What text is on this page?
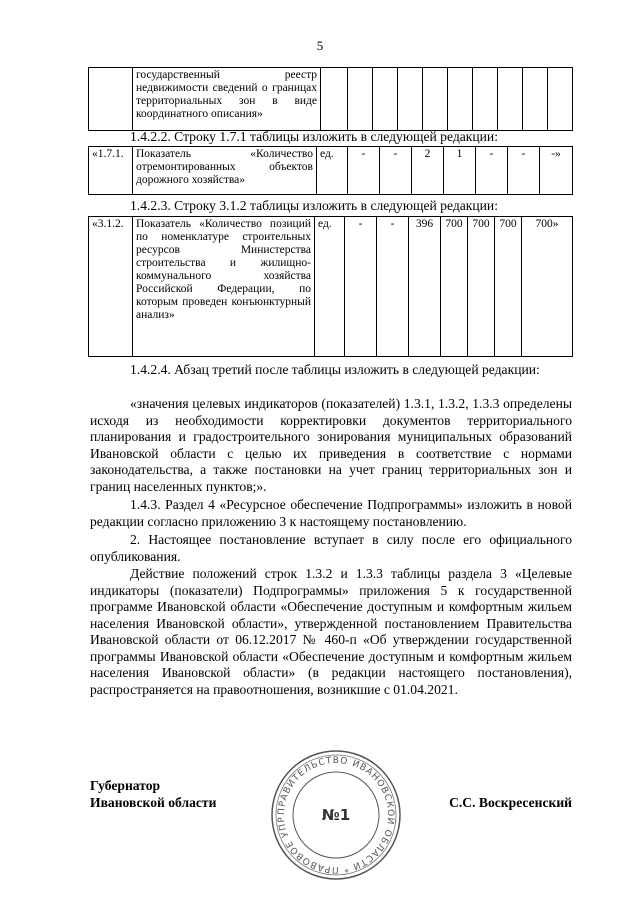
5
	государственный реестр недвижимости сведений о границах территориальных зон в виде координатного описания»										
1.4.2.2. Строку 1.7.1 таблицы изложить в следующей редакции:
«1.7.1.	Показатель «Количество отремонтированных объектов дорожного хозяйства»	ед.	-	-	2	1	-	-	-»
1.4.2.3. Строку 3.1.2 таблицы изложить в следующей редакции:
«3.1.2.	Показатель «Количество позиций по номенклатуре строительных ресурсов Министерства строительства и жилищно-коммунального хозяйства Российской Федерации, по которым проведен конъюнктурный анализ»	ед.	-	-	396	700	700	700	700»

1.4.2.4. Абзац третий после таблицы изложить в следующей редакции:

«значения целевых индикаторов (показателей) 1.3.1, 1.3.2, 1.3.3 определены исходя из необходимости корректировки документов территориального планирования и градостроительного зонирования муниципальных образований Ивановской области с целью их приведения в соответствие с нормами законодательства, а также постановки на учет границ территориальных зон и границ населенных пунктов;».

1.4.3. Раздел 4 «Ресурсное обеспечение Подпрограммы» изложить в новой редакции согласно приложению 3 к настоящему постановлению.

2. Настоящее постановление вступает в силу после его официального опубликования.

Действие положений строк 1.3.2 и 1.3.3 таблицы раздела 3 «Целевые индикаторы (показатели) Подпрограммы» приложения 5 к государственной программе Ивановской области «Обеспечение доступным и комфортным жильем населения Ивановской области», утвержденной постановлением Правительства Ивановской области от 06.12.2017 № 460-п «Об утверждении государственной программы Ивановской области «Обеспечение доступным и комфортным жильем населения Ивановской области» (в редакции настоящего постановления), распространяется на правоотношения, возникшие с 01.04.2021.

Губернатор
Ивановской области	С.С. Воскресенский
ПРАВИТЕЛЬСТВО ИВАНОВСКОЙ ОБЛАСТИ * ПРАВОВОЕ УПР	№1
